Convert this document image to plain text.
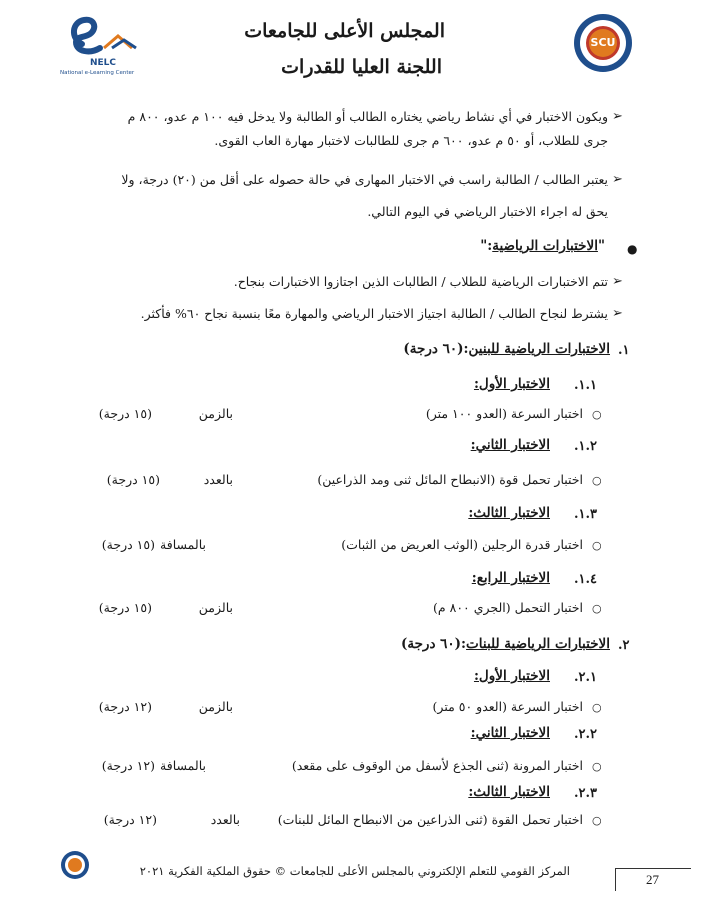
SCU
المجلس الأعلى للجامعات
اللجنة العليا للقدرات
NELC
National e-Learning Center
➢
ويكون الاختبار في أي نشاط رياضي يختاره الطالب أو الطالبة ولا يدخل فيه ١٠٠ م عدو، ٨٠٠ م
جرى للطلاب، أو ٥٠ م عدو، ٦٠٠ م جرى للطالبات لاختبار مهارة العاب القوى.
➢
يعتبر الطالب / الطالبة راسب في الاختبار المهارى في حالة حصوله على أقل من (٢٠) درجة، ولا
يحق له اجراء الاختبار الرياضي في اليوم التالي.
●
"الاختبارات الرياضية:"
➢
تتم الاختبارات الرياضية للطلاب / الطالبات الذين اجتازوا الاختبارات بنجاح.
➢
يشترط لنجاح الطالب / الطالبة اجتياز الاختبار الرياضي والمهارة معًا بنسبة نجاح ٦٠% فأكثر.
.١
الاختبارات الرياضية للبنين:(٦٠ درجة)
.١.١
الاختبار الأول:
○
اختبار السرعة (العدو ١٠٠ متر)
بالزمن
(١٥ درجة)
.١.٢
الاختبار الثاني:
○
اختبار تحمل قوة (الانبطاح المائل ثنى ومد الذراعين)
بالعدد
(١٥ درجة)
.١.٣
الاختبار الثالث:
○
اختبار قدرة الرجلين (الوثب العريض من الثبات)
بالمسافة
(١٥ درجة)
.١.٤
الاختبار الرابع:
○
اختبار التحمل (الجري ٨٠٠ م)
بالزمن
(١٥ درجة)
.٢
الاختبارات الرياضية للبنات:(٦٠ درجة)
.٢.١
الاختبار الأول:
○
اختبار السرعة (العدو ٥٠ متر)
بالزمن
(١٢ درجة)
.٢.٢
الاختبار الثاني:
○
اختبار المرونة (ثنى الجذع لأسفل من الوقوف على مقعد)
بالمسافة
(١٢ درجة)
.٢.٣
الاختبار الثالث:
○
اختبار تحمل القوة (ثنى الذراعين من الانبطاح المائل للبنات)
بالعدد
(١٢ درجة)
المركز القومي للتعلم الإلكتروني بالمجلس الأعلى للجامعات © حقوق الملكية الفكرية ٢٠٢١
27
